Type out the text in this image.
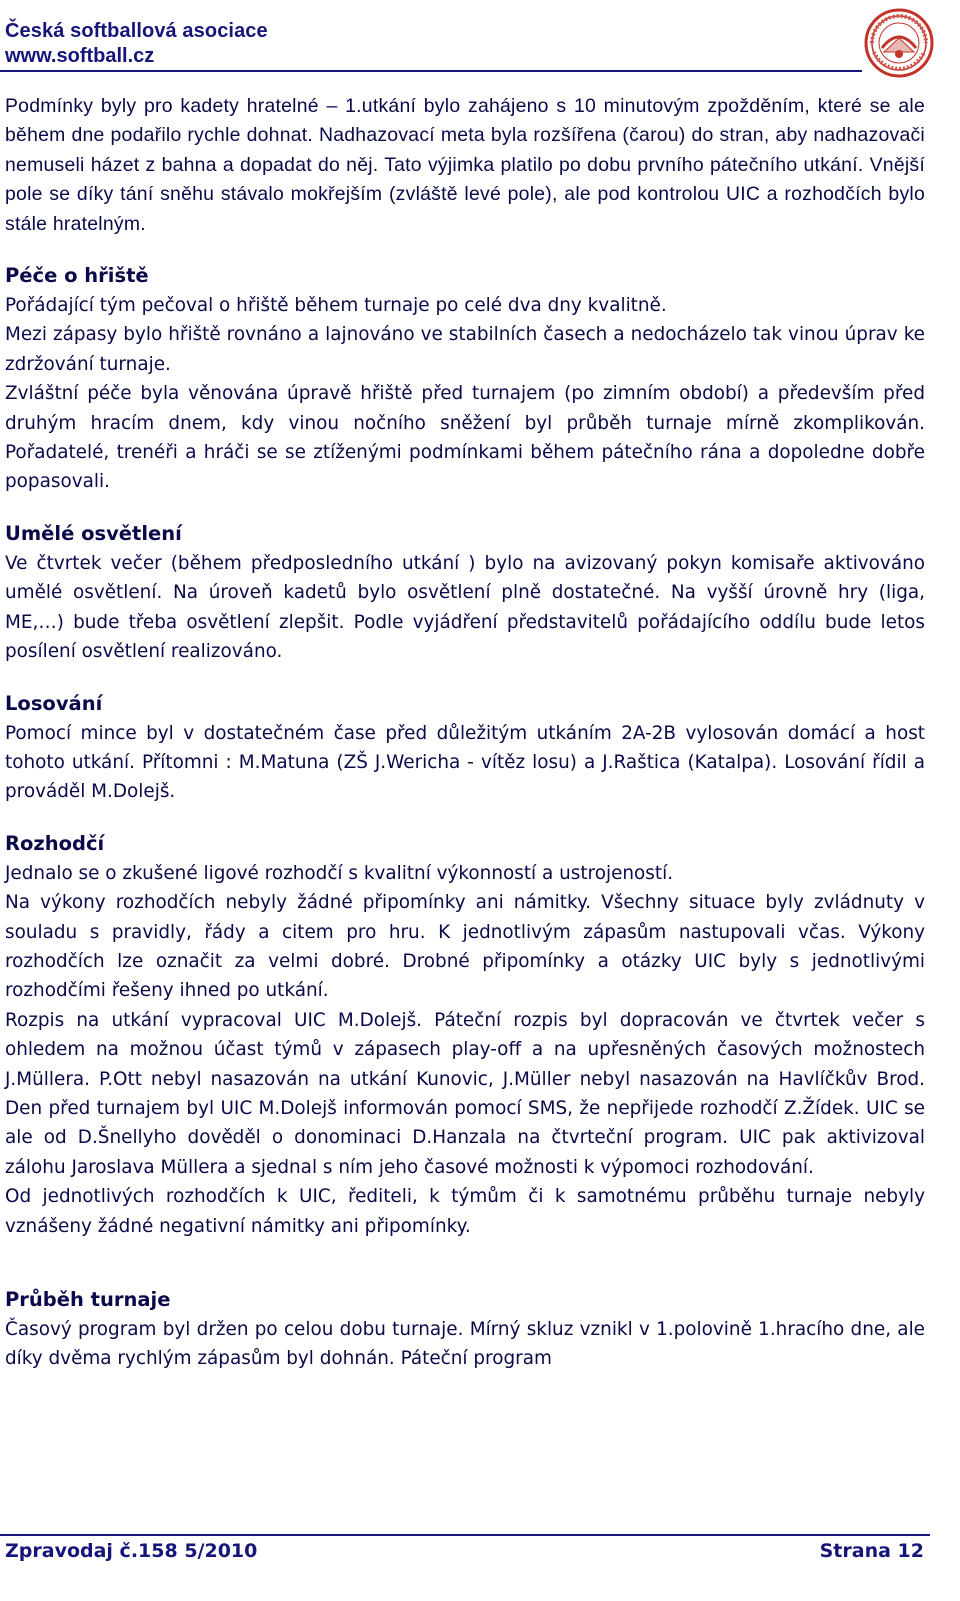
Česká softballová asociace
www.softball.cz

Podmínky byly pro kadety hratelné – 1.utkání bylo zahájeno s 10 minutovým zpožděním, které se ale během dne podařilo rychle dohnat. Nadhazovací meta byla rozšířena (čarou) do stran, aby nadhazovači nemuseli házet z bahna a dopadat do něj. Tato výjimka platilo po dobu prvního pátečního utkání. Vnější pole se díky tání sněhu stávalo mokřejším (zvláště levé pole), ale pod kontrolou UIC a rozhodčích bylo stále hratelným.

Péče o hřiště

Pořádající tým pečoval o hřiště během turnaje po celé dva dny kvalitně.

Mezi zápasy bylo hřiště rovnáno a lajnováno ve stabilních časech a nedocházelo tak vinou úprav ke zdržování turnaje.

Zvláštní péče byla věnována úpravě hřiště před turnajem (po zimním období) a především před druhým hracím dnem, kdy vinou nočního sněžení byl průběh turnaje mírně zkomplikován. Pořadatelé, trenéři a hráči se se ztíženými podmínkami během pátečního rána a dopoledne dobře popasovali.

Umělé osvětlení

Ve čtvrtek večer (během předposledního utkání ) bylo na avizovaný pokyn komisaře aktivováno umělé osvětlení. Na úroveň kadetů bylo osvětlení plně dostatečné. Na vyšší úrovně hry (liga, ME,…) bude třeba osvětlení zlepšit. Podle vyjádření představitelů pořádajícího oddílu bude letos posílení osvětlení realizováno.

Losování

Pomocí mince byl v dostatečném čase před důležitým utkáním 2A-2B vylosován domácí a host tohoto utkání. Přítomni : M.Matuna (ZŠ J.Wericha - vítěz losu) a J.Raštica (Katalpa). Losování řídil a prováděl M.Dolejš.

Rozhodčí

Jednalo se o zkušené ligové rozhodčí s kvalitní výkonností a ustrojeností.

Na výkony rozhodčích nebyly žádné připomínky ani námitky. Všechny situace byly zvládnuty v souladu s pravidly, řády a citem pro hru. K jednotlivým zápasům nastupovali včas. Výkony rozhodčích lze označit za velmi dobré. Drobné připomínky a otázky UIC byly s jednotlivými rozhodčími řešeny ihned po utkání.

Rozpis na utkání vypracoval UIC M.Dolejš. Páteční rozpis byl dopracován ve čtvrtek večer s ohledem na možnou účast týmů v zápasech play-off a na upřesněných časových možnostech J.Müllera. P.Ott nebyl nasazován na utkání Kunovic, J.Müller nebyl nasazován na Havlíčkův Brod. Den před turnajem byl UIC M.Dolejš informován pomocí SMS, že nepřijede rozhodčí Z.Žídek. UIC se ale od D.Šnellyho dověděl o donominaci D.Hanzala na čtvrteční program. UIC pak aktivizoval zálohu Jaroslava Müllera a sjednal s ním jeho časové možnosti k výpomoci rozhodování.

Od jednotlivých rozhodčích k UIC, řediteli, k týmům či k samotnému průběhu turnaje nebyly vznášeny žádné negativní námitky ani připomínky.

Průběh turnaje

Časový program byl držen po celou dobu turnaje. Mírný skluz vznikl v 1.polovině 1.hracího dne, ale díky dvěma rychlým zápasům byl dohnán. Páteční program

Zpravodaj č.158 5/2010	Strana 12
